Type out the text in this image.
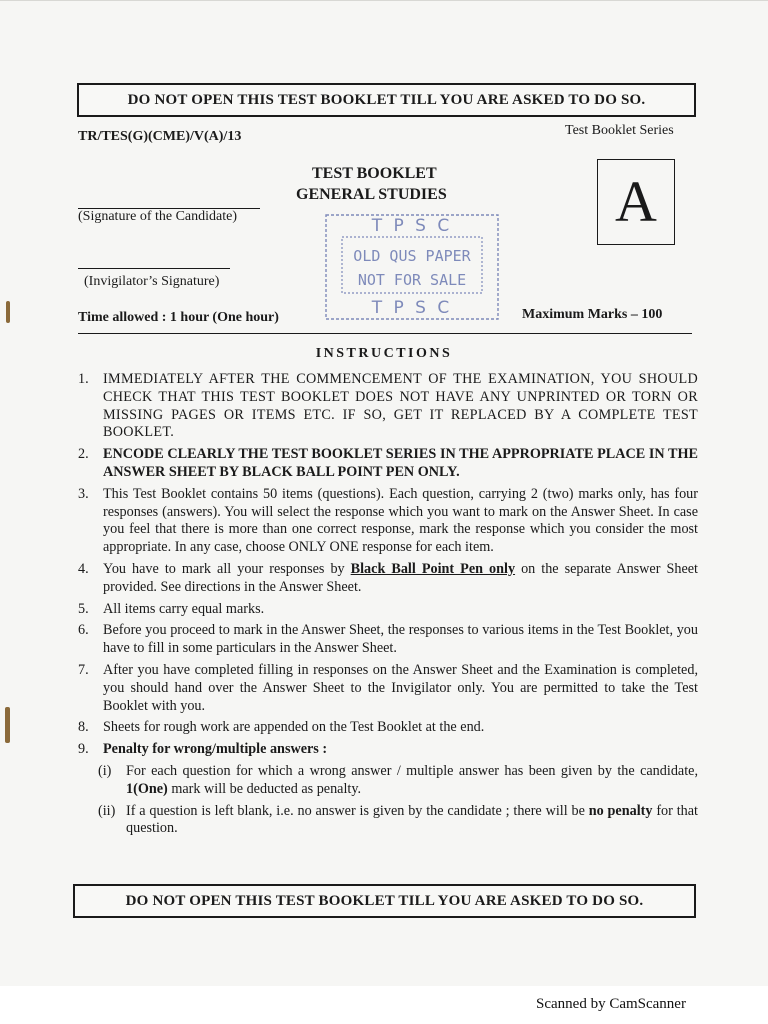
DO NOT OPEN THIS TEST BOOKLET TILL YOU ARE ASKED TO DO SO.
TR/TES(G)(CME)/V(A)/13	Test Booklet Series
TEST BOOKLET
GENERAL STUDIES	A
(Signature of the Candidate)
(Invigilator’s Signature)
T P S C
OLD QUS PAPER
NOT FOR SALE
T P S C
Time allowed : 1 hour (One hour)	Maximum Marks – 100
INSTRUCTIONS
1.	IMMEDIATELY AFTER THE COMMENCEMENT OF THE EXAMINATION, YOU SHOULD CHECK THAT THIS TEST BOOKLET DOES NOT HAVE ANY UNPRINTED OR TORN OR MISSING PAGES OR ITEMS ETC. IF SO, GET IT REPLACED BY A COMPLETE TEST BOOKLET.
2.	ENCODE CLEARLY THE TEST BOOKLET SERIES IN THE APPROPRIATE PLACE IN THE ANSWER SHEET BY BLACK BALL POINT PEN ONLY.
3.	This Test Booklet contains 50 items (questions). Each question, carrying 2 (two) marks only, has four responses (answers). You will select the response which you want to mark on the Answer Sheet. In case you feel that there is more than one correct response, mark the response which you consider the most appropriate. In any case, choose ONLY ONE response for each item.
4.	You have to mark all your responses by Black Ball Point Pen only on the separate Answer Sheet provided. See directions in the Answer Sheet.
5.	All items carry equal marks.
6.	Before you proceed to mark in the Answer Sheet, the responses to various items in the Test Booklet, you have to fill in some particulars in the Answer Sheet.
7.	After you have completed filling in responses on the Answer Sheet and the Examination is completed, you should hand over the Answer Sheet to the Invigilator only. You are permitted to take the Test Booklet with you.
8.	Sheets for rough work are appended on the Test Booklet at the end.
9.	Penalty for wrong/multiple answers :
(i)	For each question for which a wrong answer / multiple answer has been given by the candidate, 1(One) mark will be deducted as penalty.
(ii) If a question is left blank, i.e. no answer is given by the candidate ; there will be no penalty for that question.
DO NOT OPEN THIS TEST BOOKLET TILL YOU ARE ASKED TO DO SO.
Scanned by CamScanner
